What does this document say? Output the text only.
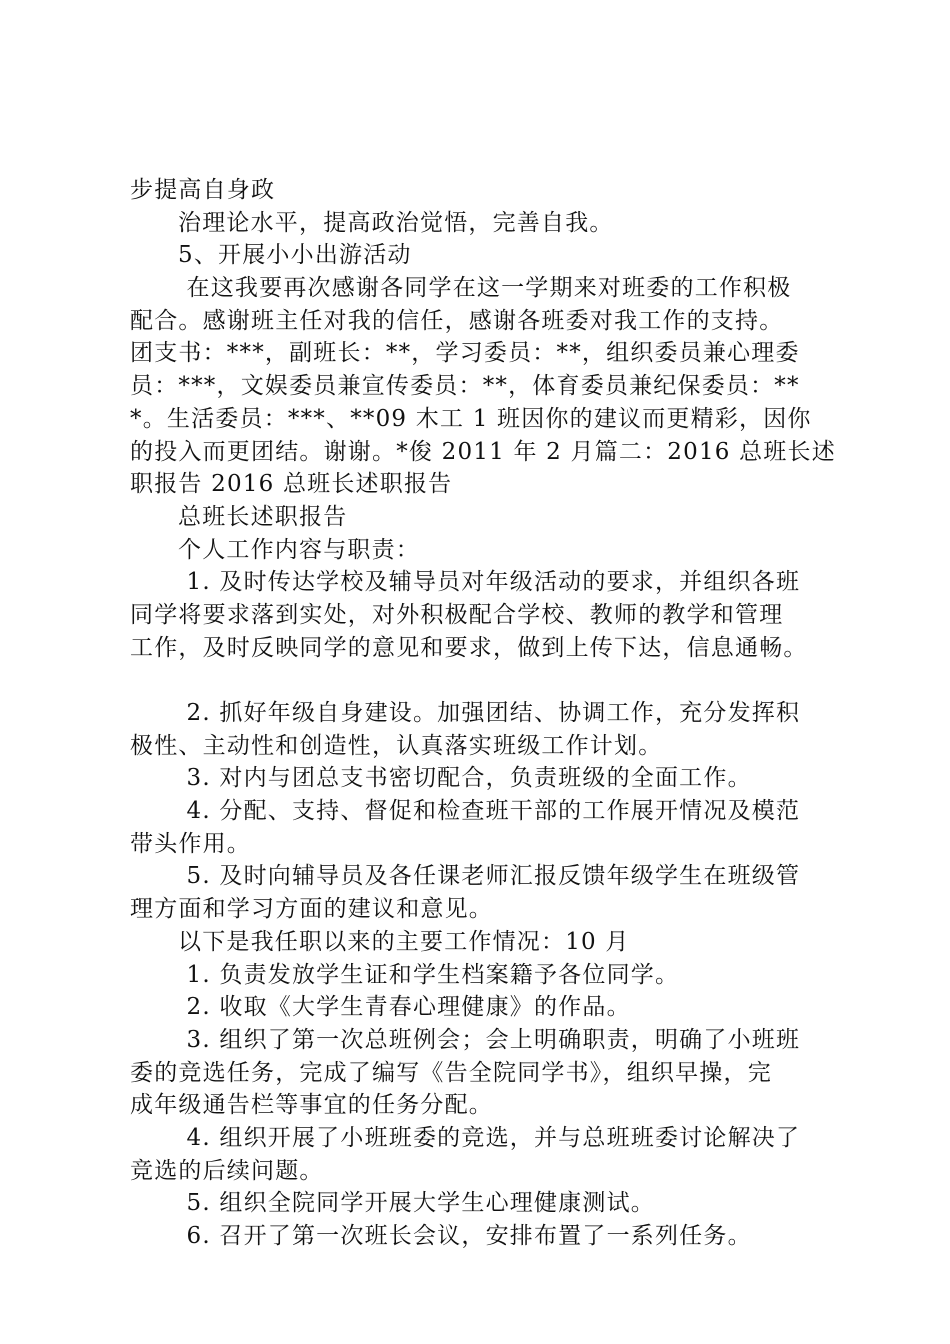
步提高自身政
治理论水平，提高政治觉悟，完善自我。
5、开展小小出游活动
在这我要再次感谢各同学在这一学期来对班委的工作积极
配合。感谢班主任对我的信任，感谢各班委对我工作的支持。
团支书：***，副班长：**，学习委员：**，组织委员兼心理委
员：***，文娱委员兼宣传委员：**，体育委员兼纪保委员：**
*。生活委员：***、**09 木工 1 班因你的建议而更精彩，因你
的投入而更团结。谢谢。*俊 2011 年 2 月篇二：2016 总班长述
职报告 2016 总班长述职报告
总班长述职报告
个人工作内容与职责：
1. 及时传达学校及辅导员对年级活动的要求，并组织各班
同学将要求落到实处，对外积极配合学校、教师的教学和管理
工作，及时反映同学的意见和要求，做到上传下达，信息通畅。
2. 抓好年级自身建设。加强团结、协调工作，充分发挥积
极性、主动性和创造性，认真落实班级工作计划。
3. 对内与团总支书密切配合，负责班级的全面工作。
4. 分配、支持、督促和检查班干部的工作展开情况及模范
带头作用。
5. 及时向辅导员及各任课老师汇报反馈年级学生在班级管
理方面和学习方面的建议和意见。
以下是我任职以来的主要工作情况：10 月
1. 负责发放学生证和学生档案籍予各位同学。
2. 收取《大学生青春心理健康》的作品。
3. 组织了第一次总班例会；会上明确职责，明确了小班班
委的竞选任务，完成了编写《告全院同学书》，组织早操，完
成年级通告栏等事宜的任务分配。
4. 组织开展了小班班委的竞选，并与总班班委讨论解决了
竞选的后续问题。
5. 组织全院同学开展大学生心理健康测试。
6. 召开了第一次班长会议，安排布置了一系列任务。
